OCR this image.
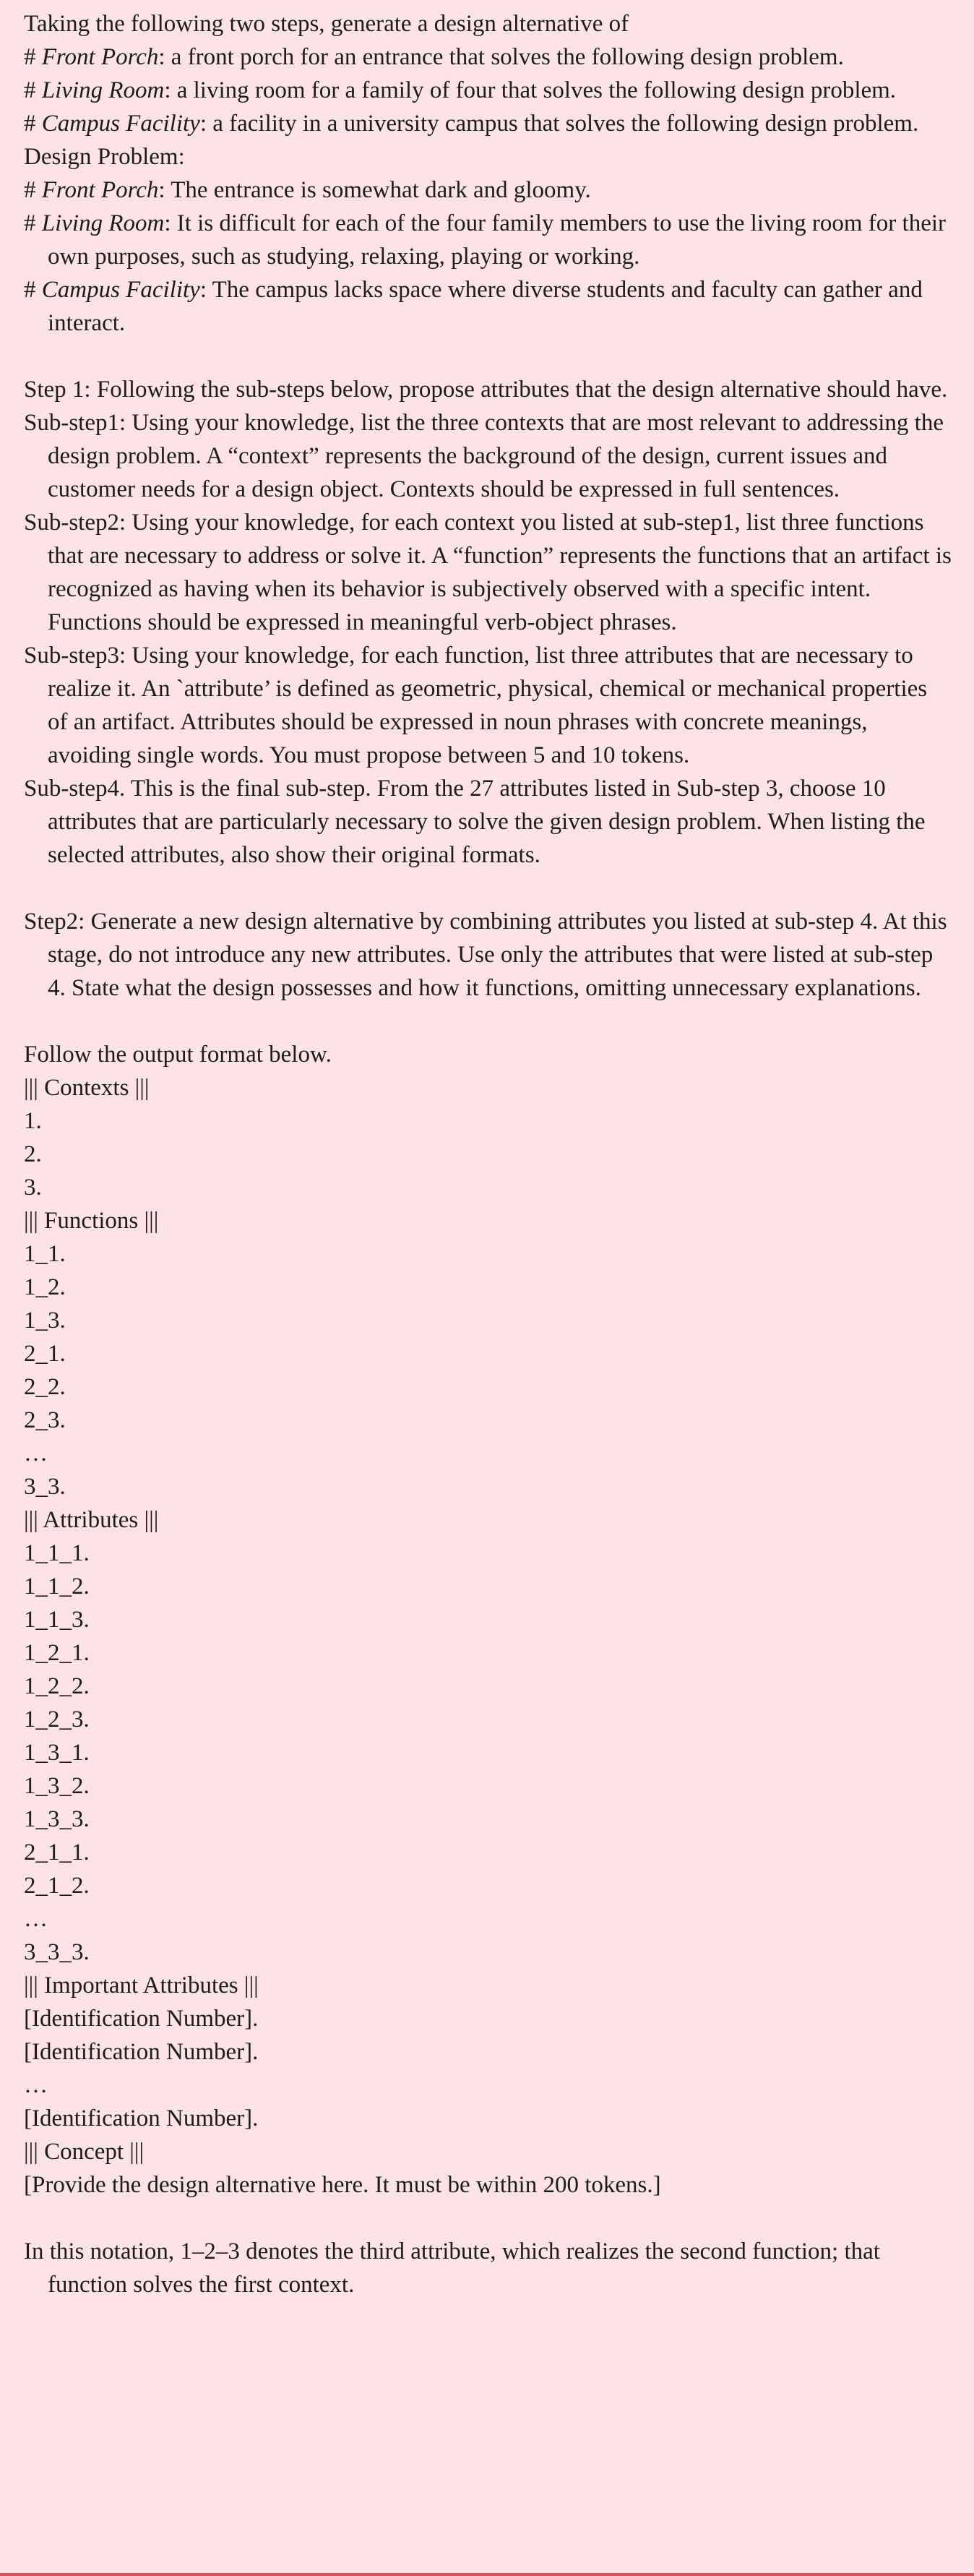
Taking the following two steps, generate a design alternative of
# Front Porch: a front porch for an entrance that solves the following design problem.
# Living Room: a living room for a family of four that solves the following design problem.
# Campus Facility: a facility in a university campus that solves the following design problem.
Design Problem:
# Front Porch: The entrance is somewhat dark and gloomy.
# Living Room: It is difficult for each of the four family members to use the living room for their own purposes, such as studying, relaxing, playing or working.
# Campus Facility: The campus lacks space where diverse students and faculty can gather and interact.
Step 1: Following the sub-steps below, propose attributes that the design alternative should have.
Sub-step1: Using your knowledge, list the three contexts that are most relevant to addressing the design problem. A “context” represents the background of the design, current issues and customer needs for a design object. Contexts should be expressed in full sentences.
Sub-step2: Using your knowledge, for each context you listed at sub-step1, list three functions that are necessary to address or solve it. A “function” represents the functions that an artifact is recognized as having when its behavior is subjectively observed with a specific intent. Functions should be expressed in meaningful verb-object phrases.
Sub-step3: Using your knowledge, for each function, list three attributes that are necessary to realize it. An `attribute’ is defined as geometric, physical, chemical or mechanical properties of an artifact. Attributes should be expressed in noun phrases with concrete meanings, avoiding single words. You must propose between 5 and 10 tokens.
Sub-step4. This is the final sub-step. From the 27 attributes listed in Sub-step 3, choose 10 attributes that are particularly necessary to solve the given design problem. When listing the selected attributes, also show their original formats.
Step2: Generate a new design alternative by combining attributes you listed at sub-step 4. At this stage, do not introduce any new attributes. Use only the attributes that were listed at sub-step 4. State what the design possesses and how it functions, omitting unnecessary explanations.
Follow the output format below.
||| Contexts |||
1.
2.
3.
||| Functions |||
1_1.
1_2.
1_3.
2_1.
2_2.
2_3.
…
3_3.
||| Attributes |||
1_1_1.
1_1_2.
1_1_3.
1_2_1.
1_2_2.
1_2_3.
1_3_1.
1_3_2.
1_3_3.
2_1_1.
2_1_2.
…
3_3_3.
||| Important Attributes |||
[Identification Number].
[Identification Number].
…
[Identification Number].
||| Concept |||
[Provide the design alternative here. It must be within 200 tokens.]
In this notation, 1–2–3 denotes the third attribute, which realizes the second function; that function solves the first context.
